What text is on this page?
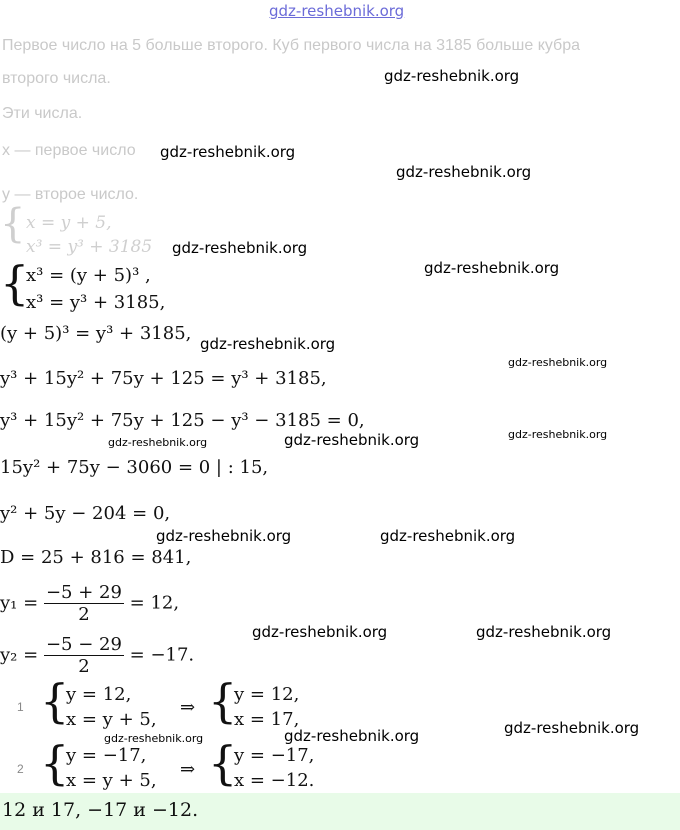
gdz-reshebnik.org
Первое число на 5 больше второго. Куб первого числа на 3185 больше кубра
второго числа.
Эти числа.
x — первое число
y — второе число.
{ x = y + 5,
x³ = y³ + 3185
{
x³ = (y + 5)³ ,
x³ = y³ + 3185,
(y + 5)³ = y³ + 3185,
y³ + 15y² + 75y + 125 = y³ + 3185,
y³ + 15y² + 75y + 125 − y³ − 3185 = 0,
15y² + 75y − 3060 = 0 | : 15,
y² + 5y − 204 = 0,
D = 25 + 816 = 841,
$y_1 = \frac{-5 + 29}{2} = 12$,
$y_2 = \frac{-5 - 29}{2} = -17$.
1 {
y = 12,
x = y + 5,
⇒ {
y = 12,
x = 17,
2 {
y = −17,
x = y + 5,
⇒ {
y = −17,
x = −12.
12 и 17, −17 и −12.
gdz-reshebnik.org
gdz-reshebnik.org
gdz-reshebnik.org
gdz-reshebnik.org
gdz-reshebnik.org
gdz-reshebnik.org
gdz-reshebnik.org
gdz-reshebnik.org	gdz-reshebnik.org
gdz-reshebnik.org
gdz-reshebnik.org	gdz-reshebnik.org
gdz-reshebnik.org	gdz-reshebnik.org
gdz-reshebnik.org
gdz-reshebnik.org
gdz-reshebnik.org
